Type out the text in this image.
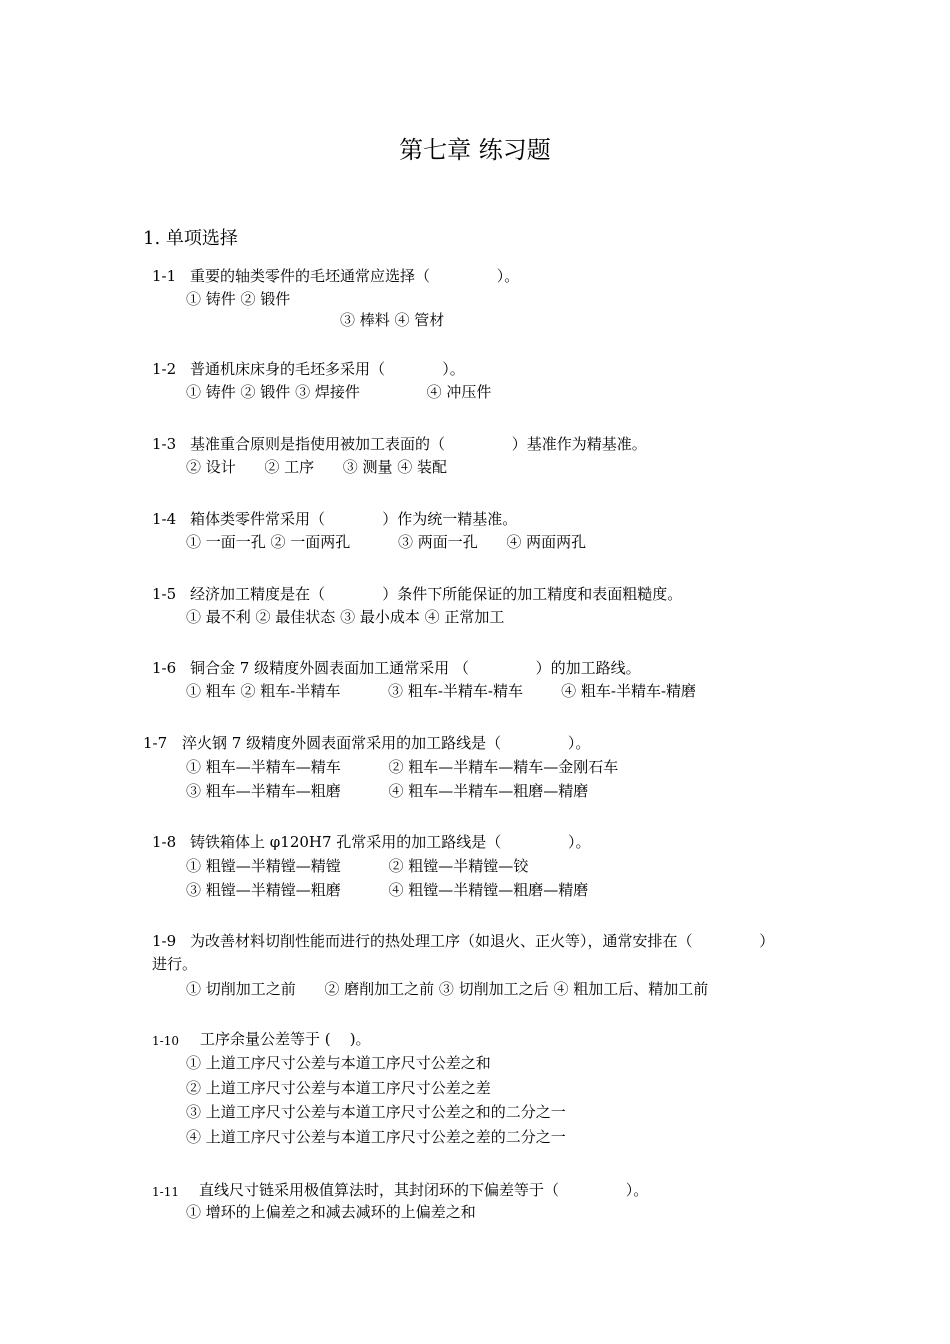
第七章 练习题
1. 单项选择
1-1 重要的轴类零件的毛坯通常应选择（              ）。
① 铸件 ② 锻件
③ 棒料 ④ 管材
1-2 普通机床床身的毛坯多采用（            ）。
① 铸件 ② 锻件 ③ 焊接件              ④ 冲压件
1-3 基准重合原则是指使用被加工表面的（              ）基准作为精基准。
② 设计      ② 工序      ③ 测量 ④ 装配
1-4 箱体类零件常采用（            ）作为统一精基准。
① 一面一孔 ② 一面两孔          ③ 两面一孔      ④ 两面两孔
1-5 经济加工精度是在（            ）条件下所能保证的加工精度和表面粗糙度。
① 最不利 ② 最佳状态 ③ 最小成本 ④ 正常加工
1-6 铜合金 7 级精度外圆表面加工通常采用 （              ）的加工路线。
① 粗车 ② 粗车-半精车          ③ 粗车-半精车-精车        ④ 粗车-半精车-精磨
1-7 淬火钢 7 级精度外圆表面常采用的加工路线是（              ）。
① 粗车—半精车—精车          ② 粗车—半精车—精车—金刚石车
③ 粗车—半精车—粗磨          ④ 粗车—半精车—粗磨—精磨
1-8 铸铁箱体上 φ120H7 孔常采用的加工路线是（              ）。
① 粗镗—半精镗—精镗          ② 粗镗—半精镗—铰
③ 粗镗—半精镗—粗磨          ④ 粗镗—半精镗—粗磨—精磨
1-9 为改善材料切削性能而进行的热处理工序（如退火、正火等），通常安排在（              ）
进行。
① 切削加工之前      ② 磨削加工之前 ③ 切削加工之后 ④ 粗加工后、精加工前
1-10 工序余量公差等于 (    )。
① 上道工序尺寸公差与本道工序尺寸公差之和
② 上道工序尺寸公差与本道工序尺寸公差之差
③ 上道工序尺寸公差与本道工序尺寸公差之和的二分之一
④ 上道工序尺寸公差与本道工序尺寸公差之差的二分之一
1-11 直线尺寸链采用极值算法时，其封闭环的下偏差等于（              ）。
① 增环的上偏差之和减去减环的上偏差之和
